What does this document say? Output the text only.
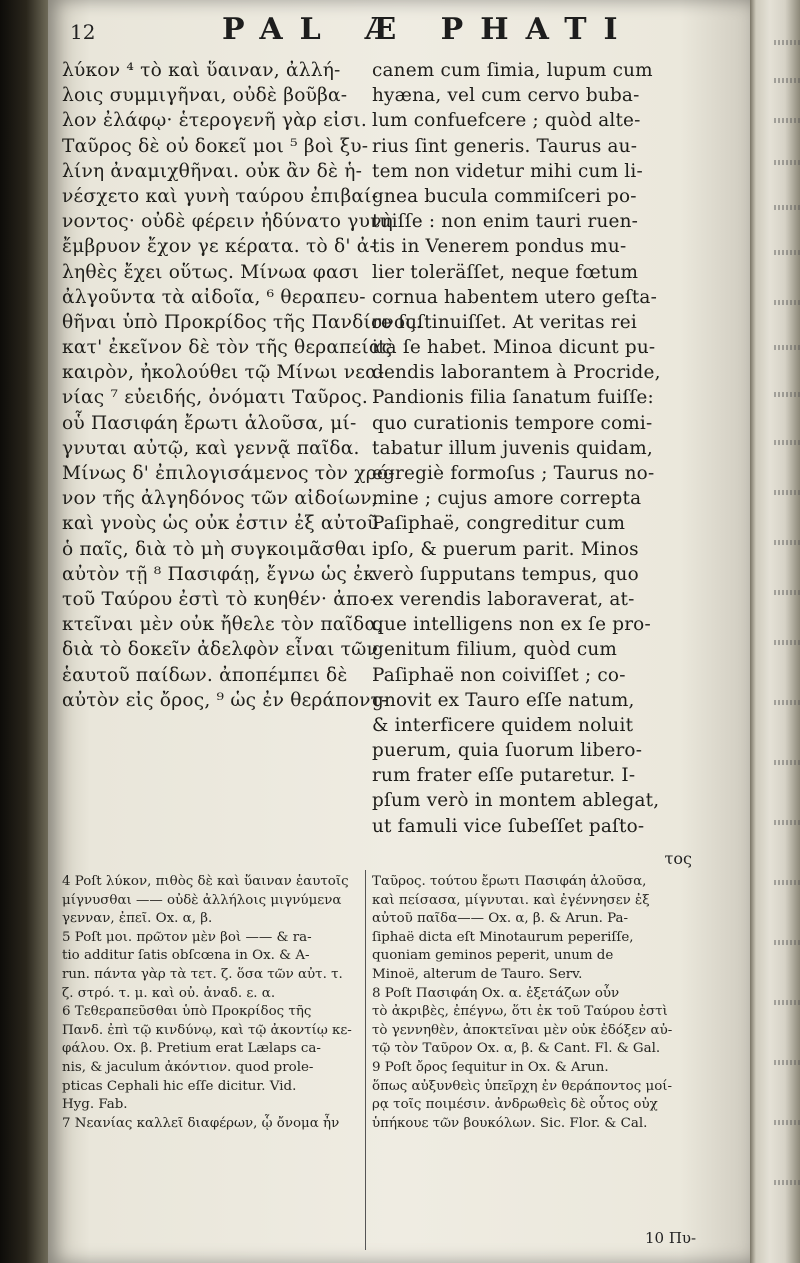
12	PAL Æ PHATI
λύκον ⁴ τὸ καὶ ὕαιναν, ἀλλή-
λοις συμμιγῆναι, οὐδὲ βοῦβα-
λον ἐλάφῳ· ἑτερογενῆ γὰρ εἰσι.
Ταῦρος δὲ οὐ δοκεῖ μοι ⁵ βοὶ ξυ-
λίνη ἀναμιχθῆναι. οὐκ ἂν δὲ ἡ-
νέσχετο καὶ γυνὴ ταύρου ἐπιβαί-
νοντος· οὐδὲ φέρειν ἠδύνατο γυνὴ
ἔμβρυον ἔχον γε κέρατα. τὸ δ' ἀ-
ληθὲς ἔχει οὕτως. Μίνωα φασι
ἀλγοῦντα τὰ αἰδοῖα, ⁶ θεραπευ-
θῆναι ὑπὸ Προκρίδος τῆς Πανδίονος.
κατ' ἐκεῖνον δὲ τὸν τῆς θεραπείας
καιρὸν, ἠκολούθει τῷ Μίνωι νεα-
νίας ⁷ εὐειδής, ὀνόματι Ταῦρος.
οὗ Πασιφάη ἔρωτι ἁλοῦσα, μί-
γνυται αὐτῷ, καὶ γεννᾷ παῖδα.
Μίνως δ' ἐπιλογισάμενος τὸν χρό-
νον τῆς ἀλγηδόνος τῶν αἰδοίων,
καὶ γνοὺς ὡς οὐκ ἐστιν ἐξ αὐτοῦ
ὁ παῖς, διὰ τὸ μὴ συγκοιμᾶσθαι
αὐτὸν τῇ ⁸ Πασιφάῃ, ἔγνω ὡς ἐκ
τοῦ Ταύρου ἐστὶ τὸ κυηθέν· ἀπο-
κτεῖναι μὲν οὐκ ἤθελε τὸν παῖδα,
διὰ τὸ δοκεῖν ἀδελφὸν εἶναι τῶν
ἑαυτοῦ παίδων. ἀποπέμπει δὲ
αὐτὸν εἰς ὄρος, ⁹ ὡς ἐν θεράποντ-
canem cum ſimia, lupum cum
hyæna, vel cum cervo buba-
lum confuefcere ; quòd alte-
rius ſint generis. Taurus au-
tem non videtur mihi cum li-
gnea bucula commiſceri po-
tuiſſe : non enim tauri ruen-
tis in Venerem pondus mu-
lier toleräſſet, neque fœtum
cornua habentem utero geſta-
re ſuſtinuiſſet. At veritas rei
ità ſe habet. Minoa dicunt pu-
dendis laborantem à Procride,
Pandionis filia ſanatum fuiſſe:
quo curationis tempore comi-
tabatur illum juvenis quidam,
egregiè formoſus ; Taurus no-
mine ; cujus amore correpta
Paſiphaë, congreditur cum
ipſo, & puerum parit. Minos
verò ſupputans tempus, quo
ex verendis laboraverat, at-
que intelligens non ex ſe pro-
genitum filium, quòd cum
Paſiphaë non coiviſſet ; co-
gnovit ex Tauro eſſe natum,
& interficere quidem noluit
puerum, quia ſuorum libero-
rum frater eſſe putaretur. I-
pſum verò in montem ablegat,
ut famuli vice ſubeſſet paſto-
τος
4 Poſt λύκον, πιθὸς δὲ καὶ ὕαιναν ἑαυτοῖς
μίγνυσθαι —— οὐδὲ ἀλλήλοις μιγνύμενα
γενναν, ἐπεῖ. Ox. α, β.
5 Poſt μοι. πρῶτον μὲν βοὶ —— & ra-
tio additur ſatis obſcœna in Ox. & A-
run. πάντα γὰρ τὰ τετ. ζ. ὅσα τῶν αὐτ. τ.
ζ. στρό. τ. μ. καὶ οὐ. ἀναδ. ε. α.
6 Τεθεραπεῦσθαι ὑπὸ Προκρίδος τῆς
Πανδ. ἐπὶ τῷ κινδύνῳ, καὶ τῷ ἀκοντίῳ κε-
φάλου. Ox. β. Pretium erat Lælaps ca-
nis, & jaculum ἀκόντιον. quod prole-
pticas Cephali hic eſſe dicitur. Vid.
Hyg. Fab.
7 Νεανίας καλλεῖ διαφέρων, ᾧ ὄνομα ἦν
Ταῦρος. τούτου ἔρωτι Πασιφάη ἁλοῦσα,
καὶ πείσασα, μίγνυται. καὶ ἐγέννησεν ἐξ
αὐτοῦ παῖδα—— Ox. α, β. & Arun. Pa-
ſiphaë dicta eſt Minotaurum peperiſſe,
quoniam geminos peperit, unum de
Minoë, alterum de Tauro. Serv.
8 Poſt Πασιφάη Ox. α. ἐξετάζων οὖν
τὸ ἀκριβὲς, ἐπέγνω, ὅτι ἐκ τοῦ Ταύρου ἐστὶ
τὸ γεννηθὲν, ἀποκτεῖναι μὲν οὐκ ἐδόξεν αὐ-
τῷ τὸν Ταῦρον Ox. α, β. & Cant. Fl. & Gal.
9 Poſt ὄρος ſequitur in Ox. & Arun.
ὅπως αὐξυνθεὶς ὑπεῖρχη ἐν θεράποντος μοί-
ρᾳ τοῖς ποιμέσιν. ἀνδρωθεὶς δὲ οὗτος οὐχ
ὑπήκουε τῶν βουκόλων. Sic. Flor. & Cal.
10 Πυ-
